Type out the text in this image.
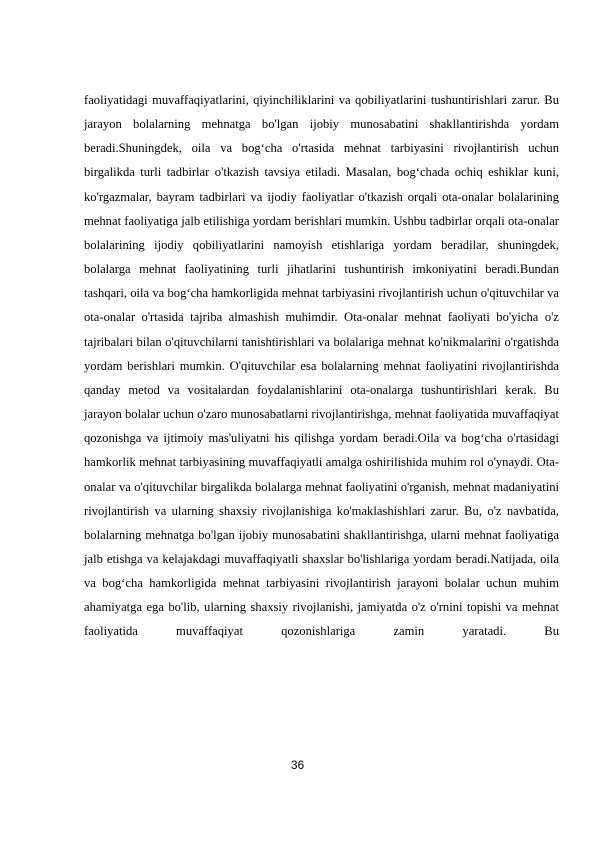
faoliyatidagi muvaffaqiyatlarini, qiyinchiliklarini va qobiliyatlarini tushuntirishlari zarur. Bu jarayon bolalarning mehnatga bo'lgan ijobiy munosabatini shakllantirishda yordam beradi.Shuningdek, oila va bog‘cha o'rtasida mehnat tarbiyasini rivojlantirish uchun birgalikda turli tadbirlar o'tkazish tavsiya etiladi. Masalan, bog‘chada ochiq eshiklar kuni, ko'rgazmalar, bayram tadbirlari va ijodiy faoliyatlar o'tkazish orqali ota-onalar bolalarining mehnat faoliyatiga jalb etilishiga yordam berishlari mumkin. Ushbu tadbirlar orqali ota-onalar bolalarining ijodiy qobiliyatlarini namoyish etishlariga yordam beradilar, shuningdek, bolalarga mehnat faoliyatining turli jihatlarini tushuntirish imkoniyatini beradi.Bundan tashqari, oila va bog‘cha hamkorligida mehnat tarbiyasini rivojlantirish uchun o'qituvchilar va ota-onalar o'rtasida tajriba almashish muhimdir. Ota-onalar mehnat faoliyati bo'yicha o'z tajribalari bilan o'qituvchilarni tanishtirishlari va bolalariga mehnat ko'nikmalarini o'rgatishda yordam berishlari mumkin. O'qituvchilar esa bolalarning mehnat faoliyatini rivojlantirishda qanday metod va vositalardan foydalanishlarini ota-onalarga tushuntirishlari kerak. Bu jarayon bolalar uchun o'zaro munosabatlarni rivojlantirishga, mehnat faoliyatida muvaffaqiyat qozonishga va ijtimoiy mas'uliyatni his qilishga yordam beradi.Oila va bog‘cha o'rtasidagi hamkorlik mehnat tarbiyasining muvaffaqiyatli amalga oshirilishida muhim rol o'ynaydi. Ota-onalar va o'qituvchilar birgalikda bolalarga mehnat faoliyatini o'rganish, mehnat madaniyatini rivojlantirish va ularning shaxsiy rivojlanishiga ko'maklashishlari zarur. Bu, o'z navbatida, bolalarning mehnatga bo'lgan ijobiy munosabatini shakllantirishga, ularni mehnat faoliyatiga jalb etishga va kelajakdagi muvaffaqiyatli shaxslar bo'lishlariga yordam beradi.Natijada, oila va bog‘cha hamkorligida mehnat tarbiyasini rivojlantirish jarayoni bolalar uchun muhim ahamiyatga ega bo'lib, ularning shaxsiy rivojlanishi, jamiyatda o'z o'rnini topishi va mehnat faoliyatida muvaffaqiyat qozonishlariga zamin yaratadi. Bu

36
